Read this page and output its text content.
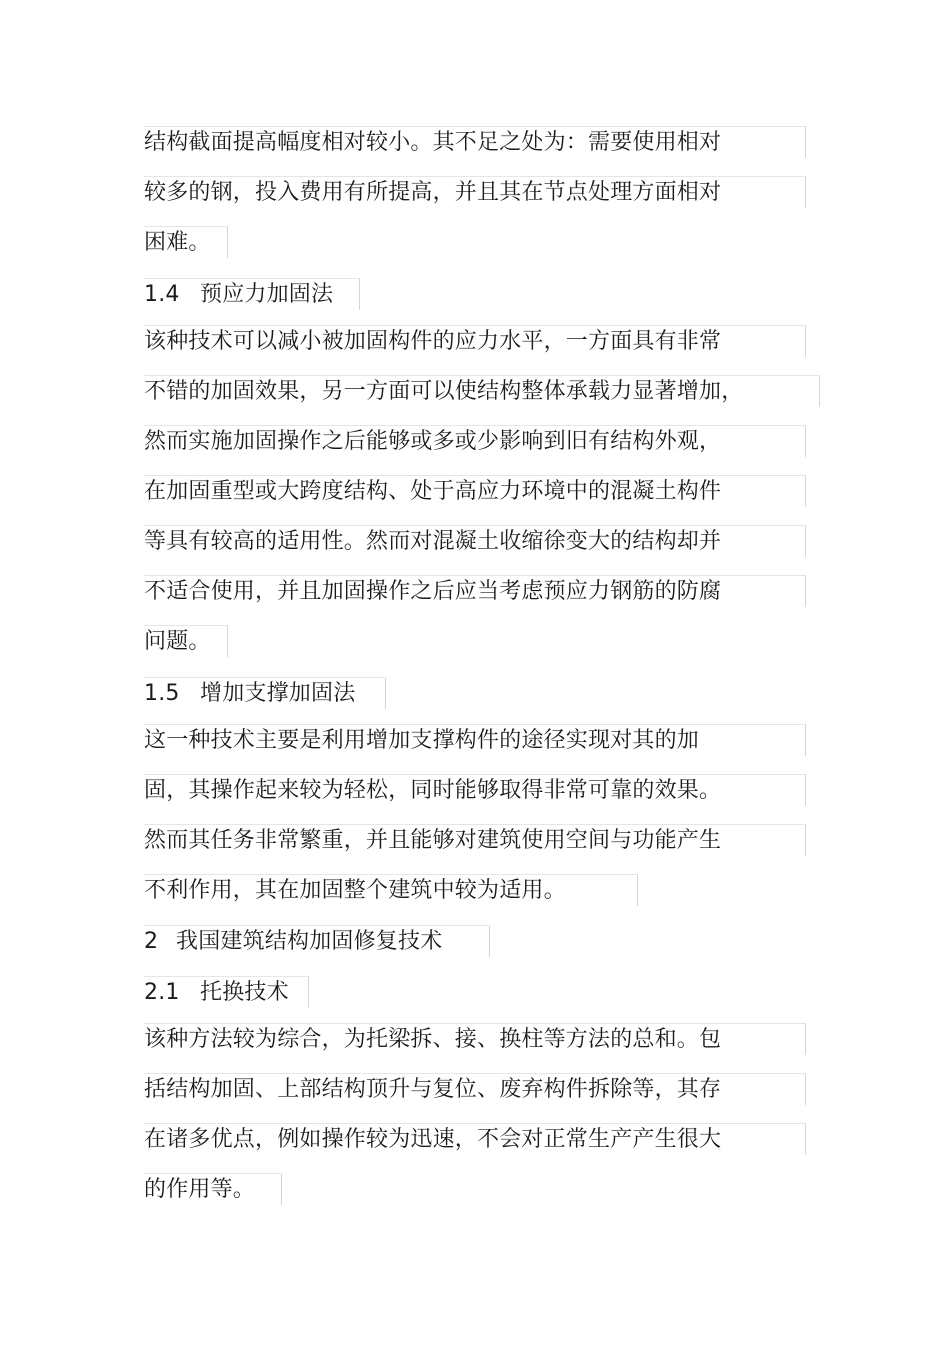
结构截面提高幅度相对较小。其不足之处为：需要使用相对
较多的钢，投入费用有所提高，并且其在节点处理方面相对
困难。
1.4 预应力加固法
该种技术可以减小被加固构件的应力水平，一方面具有非常
不错的加固效果，另一方面可以使结构整体承载力显著增加，
然而实施加固操作之后能够或多或少影响到旧有结构外观，
在加固重型或大跨度结构、处于高应力环境中的混凝土构件
等具有较高的适用性。然而对混凝土收缩徐变大的结构却并
不适合使用，并且加固操作之后应当考虑预应力钢筋的防腐
问题。
1.5 增加支撑加固法
这一种技术主要是利用增加支撑构件的途径实现对其的加
固，其操作起来较为轻松，同时能够取得非常可靠的效果。
然而其任务非常繁重，并且能够对建筑使用空间与功能产生
不利作用，其在加固整个建筑中较为适用。
2 我国建筑结构加固修复技术
2.1 托换技术
该种方法较为综合，为托梁拆、接、换柱等方法的总和。包
括结构加固、上部结构顶升与复位、废弃构件拆除等，其存
在诸多优点，例如操作较为迅速，不会对正常生产产生很大
的作用等。
